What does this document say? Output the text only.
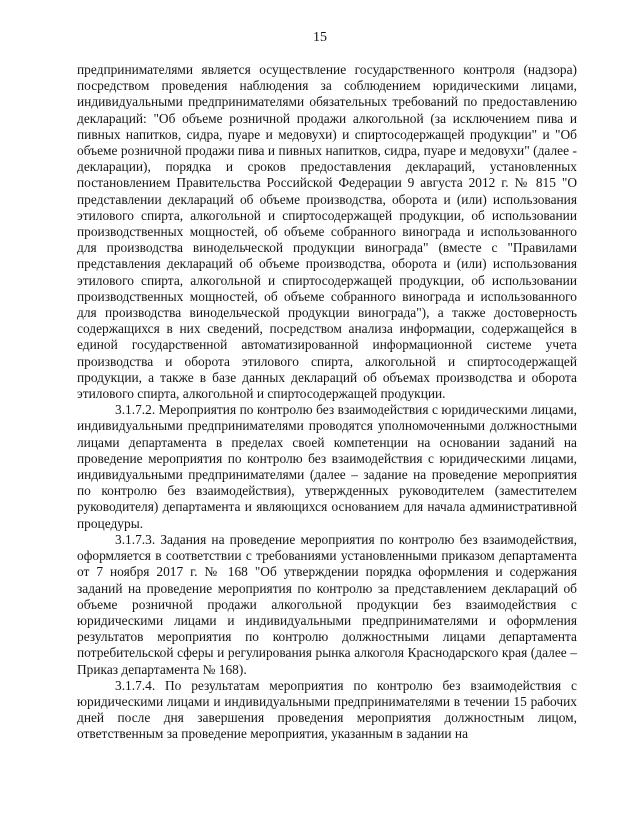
15

предпринимателями является осуществление государственного контроля (надзора) посредством проведения наблюдения за соблюдением юридическими лицами, индивидуальными предпринимателями обязательных требований по предоставлению деклараций: "Об объеме розничной продажи алкогольной (за исключением пива и пивных напитков, сидра, пуаре и медовухи) и спиртосодержащей продукции" и "Об объеме розничной продажи пива и пивных напитков, сидра, пуаре и медовухи" (далее - декларации), порядка и сроков предоставления деклараций, установленных постановлением Правительства Российской Федерации 9 августа 2012 г. № 815 "О представлении деклараций об объеме производства, оборота и (или) использования этилового спирта, алкогольной и спиртосодержащей продукции, об использовании производственных мощностей, об объеме собранного винограда и использованного для производства винодельческой продукции винограда" (вместе с "Правилами представления деклараций об объеме производства, оборота и (или) использования этилового спирта, алкогольной и спиртосодержащей продукции, об использовании производственных мощностей, об объеме собранного винограда и использованного для производства винодельческой продукции винограда"), а также достоверность содержащихся в них сведений, посредством анализа информации, содержащейся в единой государственной автоматизированной информационной системе учета производства и оборота этилового спирта, алкогольной и спиртосодержащей продукции, а также в базе данных деклараций об объемах производства и оборота этилового спирта, алкогольной и спиртосодержащей продукции.

3.1.7.2. Мероприятия по контролю без взаимодействия с юридическими лицами, индивидуальными предпринимателями проводятся уполномоченными должностными лицами департамента в пределах своей компетенции на основании заданий на проведение мероприятия по контролю без взаимодействия с юридическими лицами, индивидуальными предпринимателями (далее – задание на проведение мероприятия по контролю без взаимодействия), утвержденных руководителем (заместителем руководителя) департамента и являющихся основанием для начала административной процедуры.

3.1.7.3. Задания на проведение мероприятия по контролю без взаимодействия, оформляется в соответствии с требованиями установленными приказом департамента от 7 ноября 2017 г. № 168 "Об утверждении порядка оформления и содержания заданий на проведение мероприятия по контролю за представлением деклараций об объеме розничной продажи алкогольной продукции без взаимодействия с юридическими лицами и индивидуальными предпринимателями и оформления результатов мероприятия по контролю должностными лицами департамента потребительской сферы и регулирования рынка алкоголя Краснодарского края (далее – Приказ департамента № 168).

3.1.7.4. По результатам мероприятия по контролю без взаимодействия с юридическими лицами и индивидуальными предпринимателями в течении 15 рабочих дней после дня завершения проведения мероприятия должностным лицом, ответственным за проведение мероприятия, указанным в задании на
